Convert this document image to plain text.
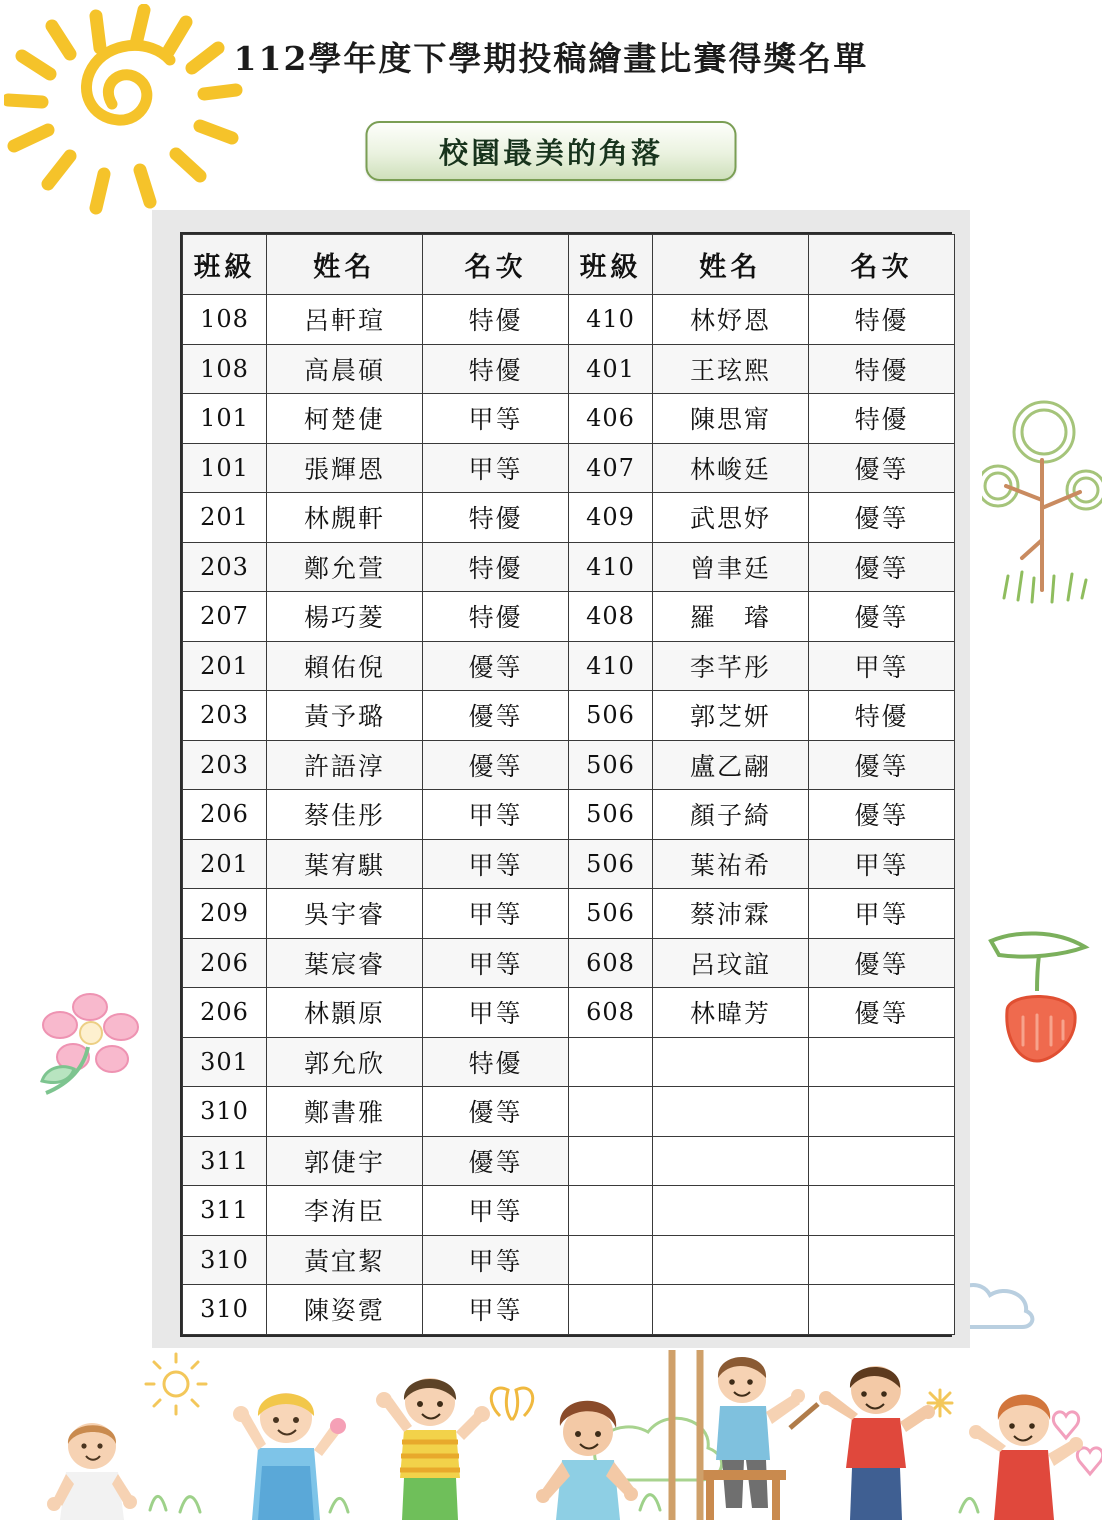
112學年度下學期投稿繪畫比賽得獎名單
校園最美的角落
班級	姓名	名次	班級	姓名	名次
108	呂軒瑄	特優	410	林妤恩	特優
108	高晨碩	特優	401	王玹熙	特優
101	柯楚倢	甲等	406	陳思甯	特優
101	張輝恩	甲等	407	林峻廷	優等
201	林覤軒	特優	409	武思妤	優等
203	鄭允萱	特優	410	曾聿廷	優等
207	楊巧菱	特優	408	羅　璿	優等
201	賴佑倪	優等	410	李芊彤	甲等
203	黃予璐	優等	506	郭芝妍	特優
203	許語淳	優等	506	盧乙翮	優等
206	蔡佳彤	甲等	506	顏子綺	優等
201	葉宥騏	甲等	506	葉祐希	甲等
209	吳宇睿	甲等	506	蔡沛霖	甲等
206	葉宸睿	甲等	608	呂玟誼	優等
206	林顥原	甲等	608	林暐芳	優等
301	郭允欣	特優			
310	鄭書雅	優等			
311	郭倢宇	優等			
311	李洧臣	甲等			
310	黃宜絜	甲等			
310	陳姿霓	甲等			
